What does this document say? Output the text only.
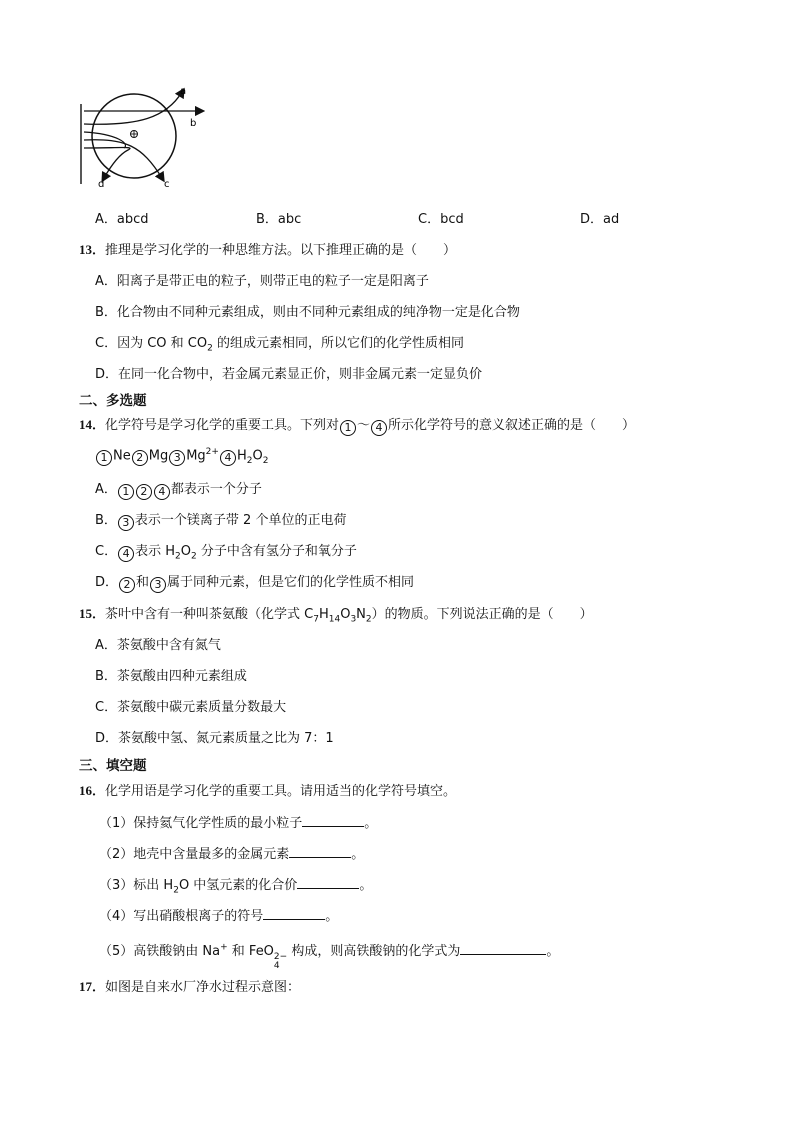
a
b
c
d
A．abcd	B．abc	C．bcd	D．ad
13．推理是学习化学的一种思维方法。以下推理正确的是（　　）
A．阳离子是带正电的粒子，则带正电的粒子一定是阳离子
B．化合物由不同种元素组成，则由不同种元素组成的纯净物一定是化合物
C．因为 CO 和 $CO_2$ 的组成元素相同，所以它们的化学性质相同
D．在同一化合物中，若金属元素显正价，则非金属元素一定显负价
二、多选题
14．化学符号是学习化学的重要工具。下列对 1 ～ 4 所示化学符号的意义叙述正确的是（　　）
1 Ne 2 Mg 3 $Mg^{2+}$ 4 $H_2O_2$
A． 1 2 4 都表示一个分子
B． 3 表示一个镁离子带 2 个单位的正电荷
C． 4 表示 $H_2O_2$ 分子中含有氢分子和氧分子
D． 2 和 3 属于同种元素，但是它们的化学性质不相同
15．茶叶中含有一种叫茶氨酸（化学式 $C_7H_{14}O_3N_2$）的物质。下列说法正确的是（　　）
A．茶氨酸中含有氮气
B．茶氨酸由四种元素组成
C．茶氨酸中碳元素质量分数最大
D．茶氨酸中氢、氮元素质量之比为 7：1
三、填空题
16．化学用语是学习化学的重要工具。请用适当的化学符号填空。
（1）保持氦气化学性质的最小粒子	。
（2）地壳中含量最多的金属元素	。
（3）标出 $H_2O$ 中氢元素的化合价	。
（4）写出硝酸根离子的符号	。
（5）高铁酸钠由 Na+ 和 FeO 2−
4
构成，则高铁酸钠的化学式为	。
17．如图是自来水厂净水过程示意图：
